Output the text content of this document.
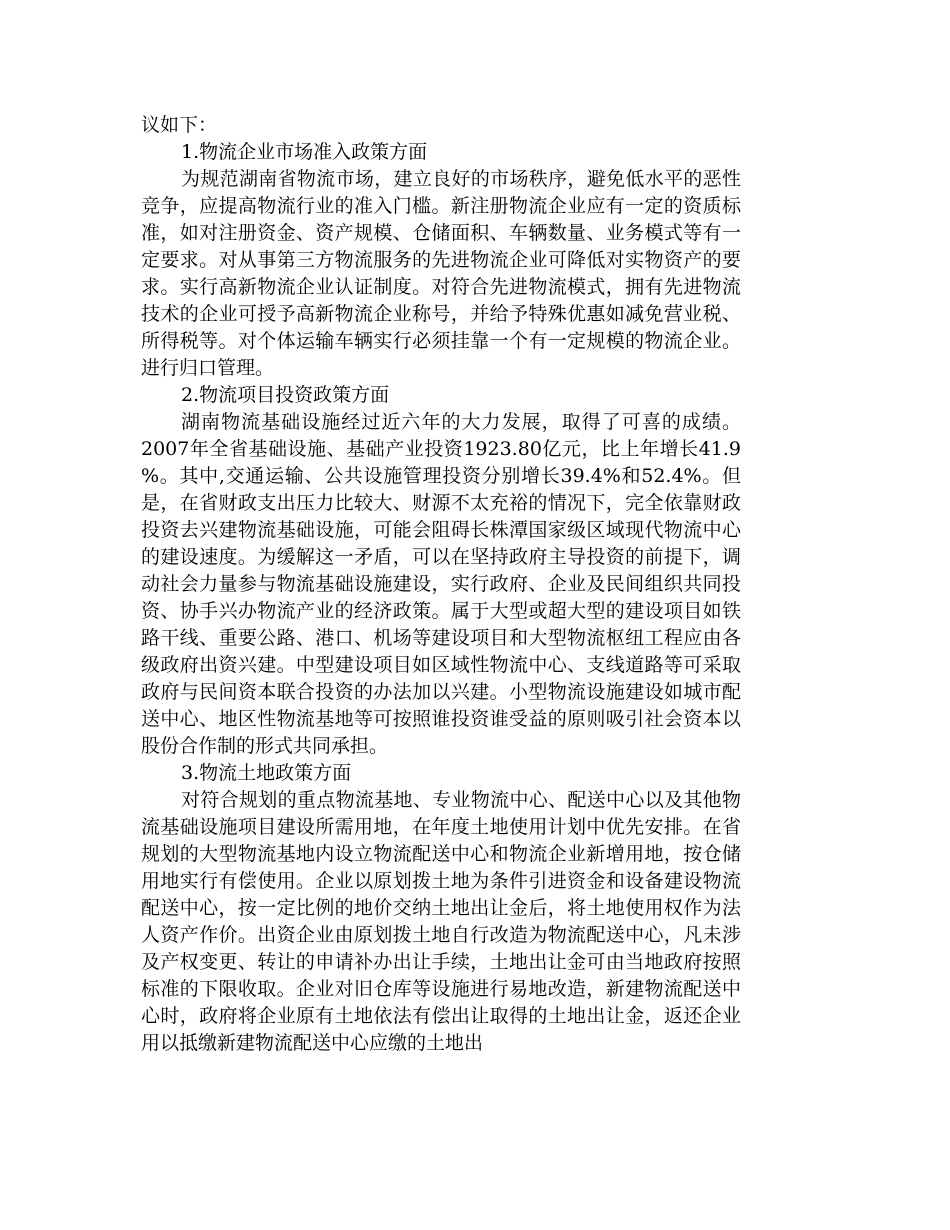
议如下：

1.物流企业市场准入政策方面

为规范湖南省物流市场，建立良好的市场秩序，避免低水平的恶性竞争，应提高物流行业的准入门槛。新注册物流企业应有一定的资质标准，如对注册资金、资产规模、仓储面积、车辆数量、业务模式等有一定要求。对从事第三方物流服务的先进物流企业可降低对实物资产的要求。实行高新物流企业认证制度。对符合先进物流模式，拥有先进物流技术的企业可授予高新物流企业称号，并给予特殊优惠如减免营业税、所得税等。对个体运输车辆实行必须挂靠一个有一定规模的物流企业。进行归口管理。

2.物流项目投资政策方面

湖南物流基础设施经过近六年的大力发展，取得了可喜的成绩。2007年全省基础设施、基础产业投资1923.80亿元，比上年增长41.9 %。其中,交通运输、公共设施管理投资分别增长39.4%和52.4%。但是，在省财政支出压力比较大、财源不太充裕的情况下，完全依靠财政投资去兴建物流基础设施，可能会阻碍长株潭国家级区域现代物流中心的建设速度。为缓解这一矛盾，可以在坚持政府主导投资的前提下，调动社会力量参与物流基础设施建设，实行政府、企业及民间组织共同投资、协手兴办物流产业的经济政策。属于大型或超大型的建设项目如铁路干线、重要公路、港口、机场等建设项目和大型物流枢纽工程应由各级政府出资兴建。中型建设项目如区域性物流中心、支线道路等可采取政府与民间资本联合投资的办法加以兴建。小型物流设施建设如城市配送中心、地区性物流基地等可按照谁投资谁受益的原则吸引社会资本以股份合作制的形式共同承担。

3.物流土地政策方面

对符合规划的重点物流基地、专业物流中心、配送中心以及其他物流基础设施项目建设所需用地，在年度土地使用计划中优先安排。在省规划的大型物流基地内设立物流配送中心和物流企业新增用地，按仓储用地实行有偿使用。企业以原划拨土地为条件引进资金和设备建设物流配送中心，按一定比例的地价交纳土地出让金后，将土地使用权作为法人资产作价。出资企业由原划拨土地自行改造为物流配送中心，凡未涉及产权变更、转让的申请补办出让手续，土地出让金可由当地政府按照标准的下限收取。企业对旧仓库等设施进行易地改造，新建物流配送中心时，政府将企业原有土地依法有偿出让取得的土地出让金，返还企业用以抵缴新建物流配送中心应缴的土地出
